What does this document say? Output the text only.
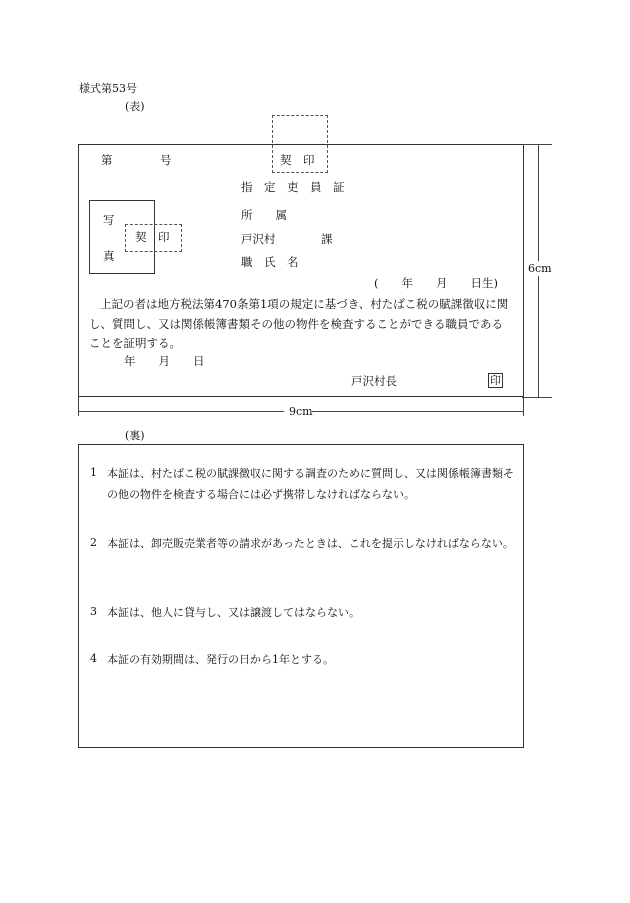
様式第53号
(表)
第	号	契　印
指　定　吏　員　証
写
真
契　印
所　　属
戸沢村	課
職　氏　名
(　　年　　月　　日生)
上記の者は地方税法第470条第1項の規定に基づき、村たばこ税の賦課徴収に関し、質問し、又は関係帳簿書類その他の物件を検査することができる職員であることを証明する。
年　　月　　日
戸沢村長	印
6cm
9cm
(裏)
1 本証は、村たばこ税の賦課徴収に関する調査のために質問し、又は関係帳簿書類その他の物件を検査する場合には必ず携帯しなければならない。
2 本証は、卸売販売業者等の請求があったときは、これを提示しなければならない。
3 本証は、他人に貸与し、又は譲渡してはならない。
4 本証の有効期間は、発行の日から1年とする。
